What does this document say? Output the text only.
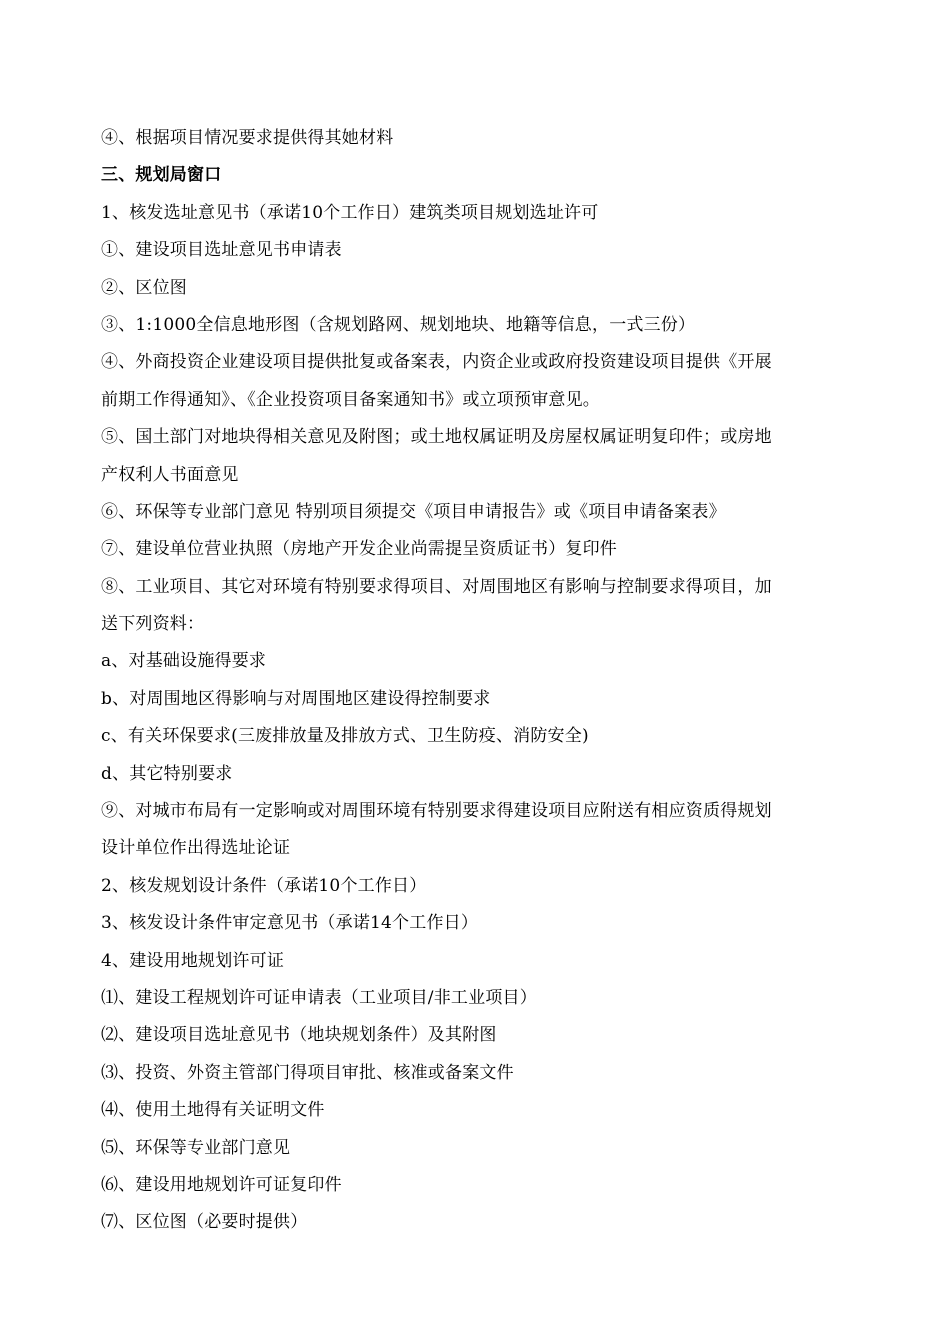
④、根据项目情况要求提供得其她材料
三、规划局窗口
1、核发选址意见书（承诺10个工作日）建筑类项目规划选址许可
①、建设项目选址意见书申请表
②、区位图
③、1:1000全信息地形图（含规划路网、规划地块、地籍等信息，一式三份）
④、外商投资企业建设项目提供批复或备案表，内资企业或政府投资建设项目提供《开展
前期工作得通知》、《企业投资项目备案通知书》或立项预审意见。
⑤、国土部门对地块得相关意见及附图；或土地权属证明及房屋权属证明复印件；或房地
产权利人书面意见
⑥、环保等专业部门意见 特别项目须提交《项目申请报告》或《项目申请备案表》
⑦、建设单位营业执照（房地产开发企业尚需提呈资质证书）复印件
⑧、工业项目、其它对环境有特别要求得项目、对周围地区有影响与控制要求得项目，加
送下列资料：
a、对基础设施得要求
b、对周围地区得影响与对周围地区建设得控制要求
c、有关环保要求(三废排放量及排放方式、卫生防疫、消防安全)
d、其它特别要求
⑨、对城市布局有一定影响或对周围环境有特别要求得建设项目应附送有相应资质得规划
设计单位作出得选址论证
2、核发规划设计条件（承诺10个工作日）
3、核发设计条件审定意见书（承诺14个工作日）
4、建设用地规划许可证
⑴、建设工程规划许可证申请表（工业项目/非工业项目）
⑵、建设项目选址意见书（地块规划条件）及其附图
⑶、投资、外资主管部门得项目审批、核准或备案文件
⑷、使用土地得有关证明文件
⑸、环保等专业部门意见
⑹、建设用地规划许可证复印件
⑺、区位图（必要时提供）
